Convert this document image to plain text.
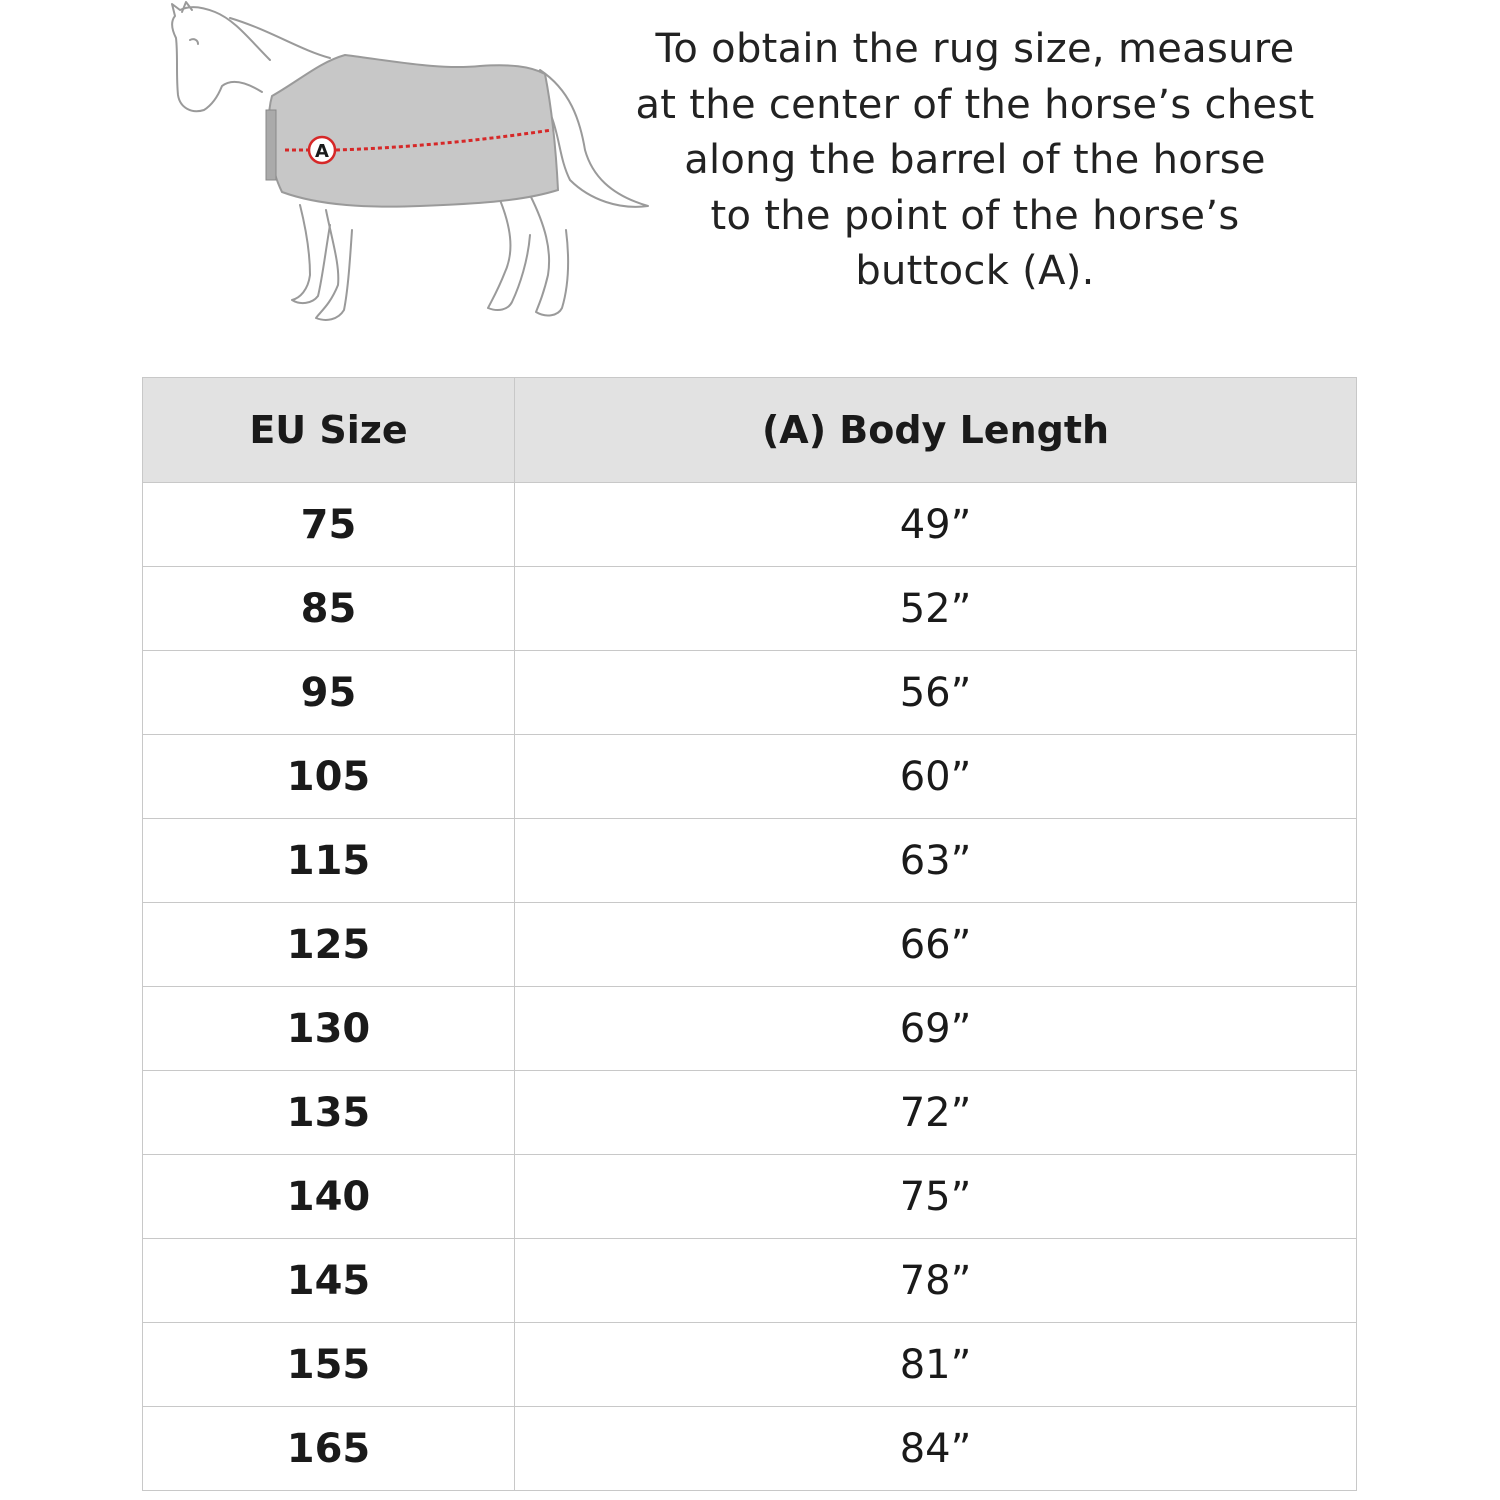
A
To obtain the rug size, measure
at the center of the horse’s chest
along the barrel of the horse
to the point of the horse’s
buttock (A).
EU Size	(A) Body Length
75	49”
85	52”
95	56”
105	60”
115	63”
125	66”
130	69”
135	72”
140	75”
145	78”
155	81”
165	84”
